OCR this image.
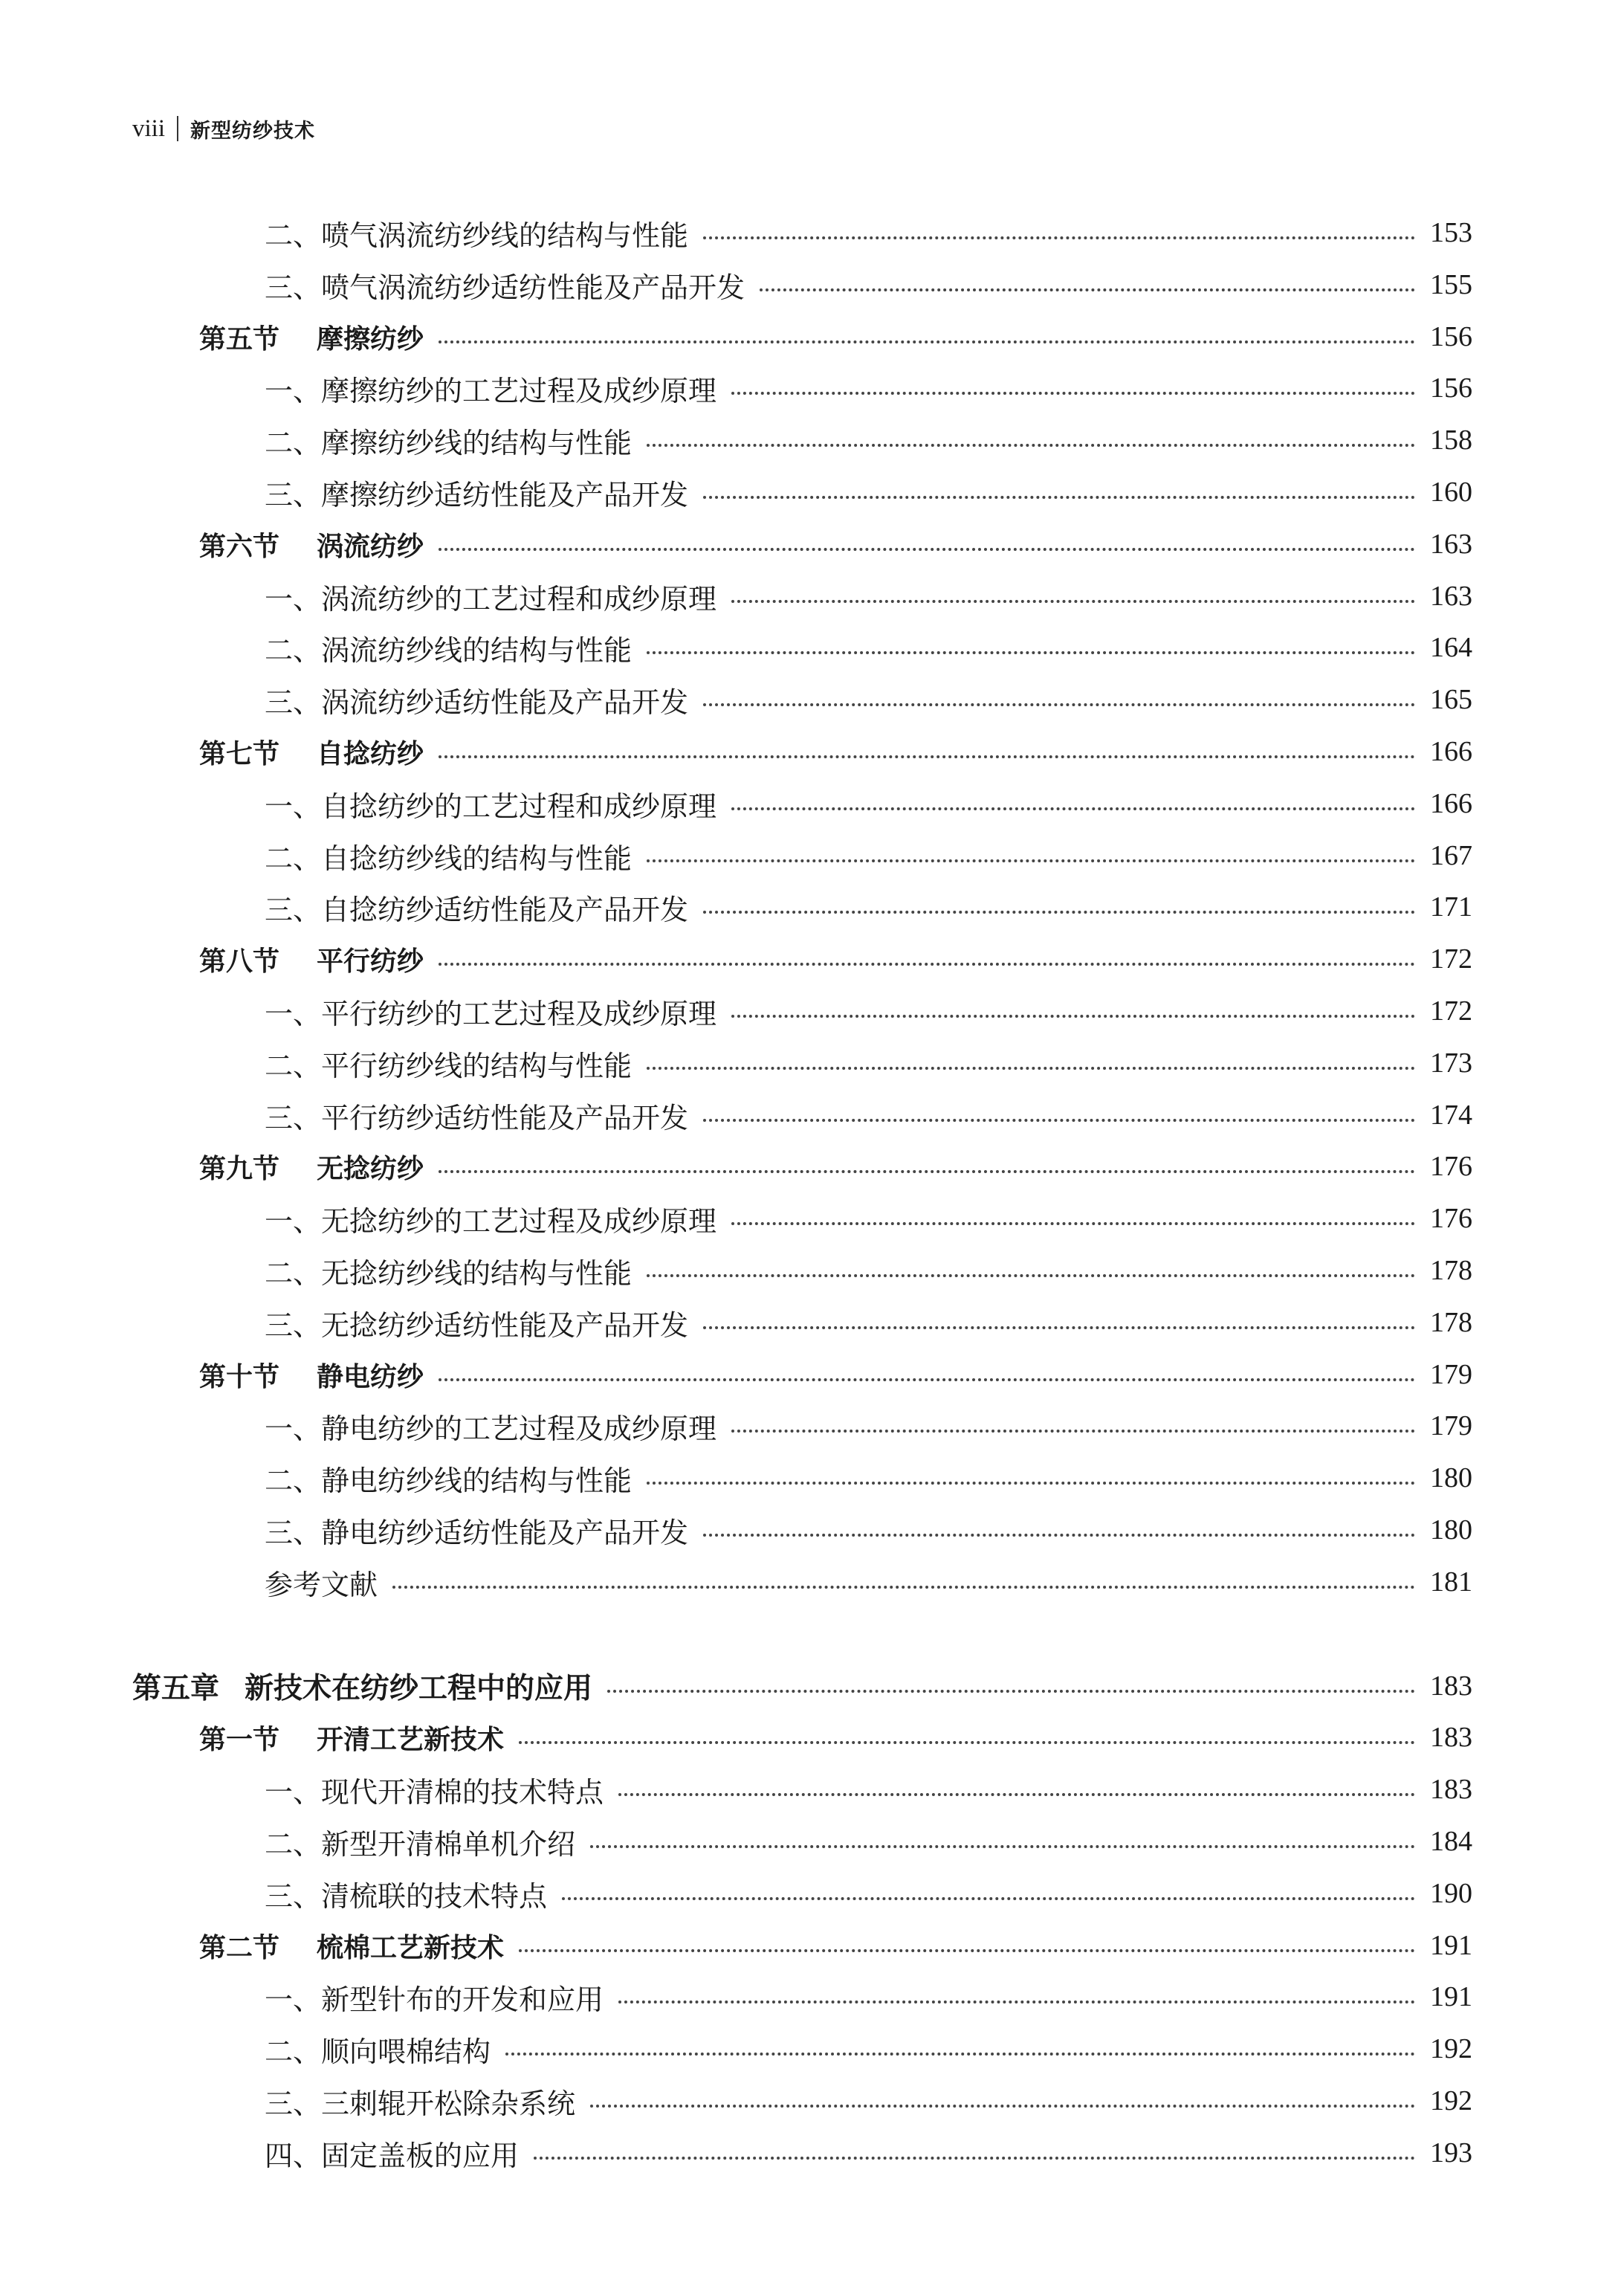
viii	新型纺纱技术
二、喷气涡流纺纱线的结构与性能	153
三、喷气涡流纺纱适纺性能及产品开发	155
第五节 摩擦纺纱	156
一、摩擦纺纱的工艺过程及成纱原理	156
二、摩擦纺纱线的结构与性能	158
三、摩擦纺纱适纺性能及产品开发	160
第六节 涡流纺纱	163
一、涡流纺纱的工艺过程和成纱原理	163
二、涡流纺纱线的结构与性能	164
三、涡流纺纱适纺性能及产品开发	165
第七节 自捻纺纱	166
一、自捻纺纱的工艺过程和成纱原理	166
二、自捻纺纱线的结构与性能	167
三、自捻纺纱适纺性能及产品开发	171
第八节 平行纺纱	172
一、平行纺纱的工艺过程及成纱原理	172
二、平行纺纱线的结构与性能	173
三、平行纺纱适纺性能及产品开发	174
第九节 无捻纺纱	176
一、无捻纺纱的工艺过程及成纱原理	176
二、无捻纺纱线的结构与性能	178
三、无捻纺纱适纺性能及产品开发	178
第十节 静电纺纱	179
一、静电纺纱的工艺过程及成纱原理	179
二、静电纺纱线的结构与性能	180
三、静电纺纱适纺性能及产品开发	180
参考文献	181
第五章 新技术在纺纱工程中的应用	183
第一节 开清工艺新技术	183
一、现代开清棉的技术特点	183
二、新型开清棉单机介绍	184
三、清梳联的技术特点	190
第二节 梳棉工艺新技术	191
一、新型针布的开发和应用	191
二、顺向喂棉结构	192
三、三刺辊开松除杂系统	192
四、固定盖板的应用	193
